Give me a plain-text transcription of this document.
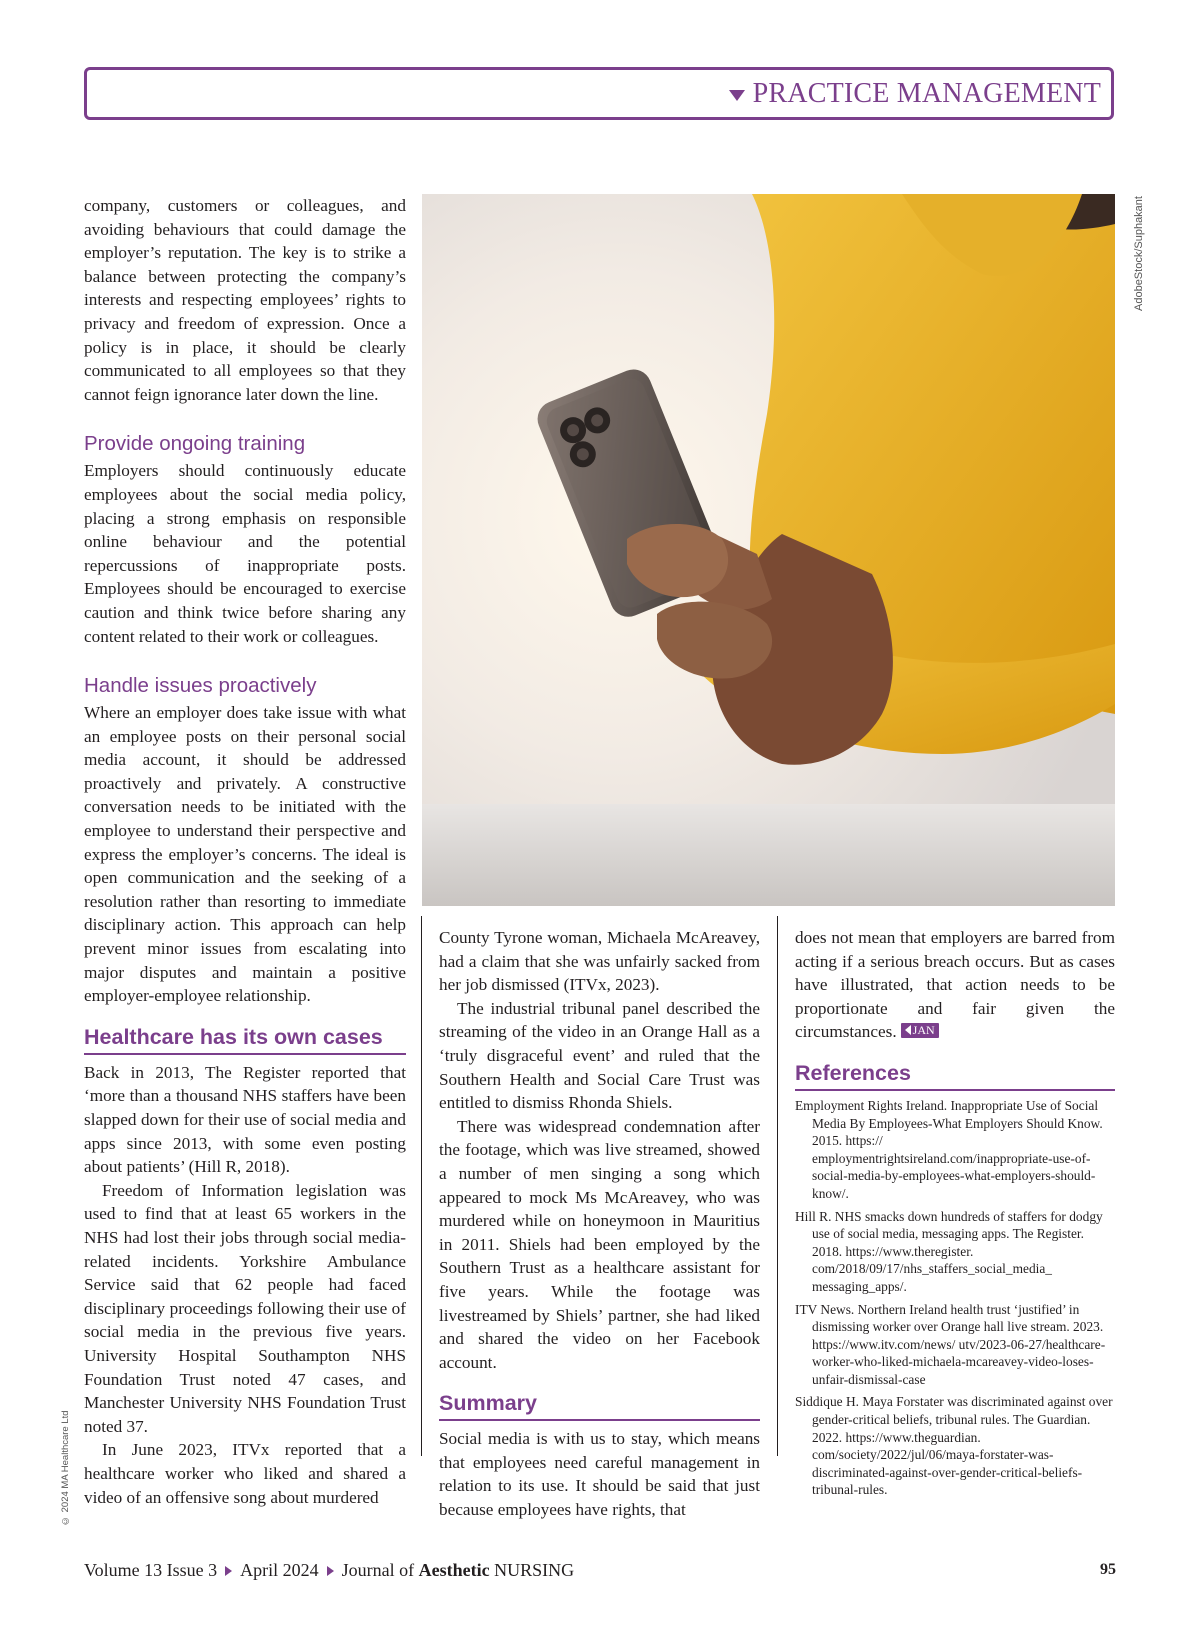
PRACTICE MANAGEMENT

company, customers or colleagues, and avoiding behaviours that could damage the employer’s reputation. The key is to strike a balance between protecting the company’s interests and respecting employees’ rights to privacy and freedom of expression. Once a policy is in place, it should be clearly communicated to all employees so that they cannot feign ignorance later down the line.

Provide ongoing training

Employers should continuously educate employees about the social media policy, placing a strong emphasis on responsible online behaviour and the potential repercussions of inappropriate posts. Employees should be encouraged to exercise caution and think twice before sharing any content related to their work or colleagues.

Handle issues proactively

Where an employer does take issue with what an employee posts on their personal social media account, it should be addressed proactively and privately. A constructive conversation needs to be initiated with the employee to understand their perspective and express the employer’s concerns. The ideal is open communication and the seeking of a resolution rather than resorting to immediate disciplinary action. This approach can help prevent minor issues from escalating into major disputes and maintain a positive employer-employee relationship.

Healthcare has its own cases

Back in 2013, The Register reported that ‘more than a thousand NHS staffers have been slapped down for their use of social media and apps since 2013, with some even posting about patients’ (Hill R, 2018).

Freedom of Information legislation was used to find that at least 65 workers in the NHS had lost their jobs through social media-related incidents. Yorkshire Ambulance Service said that 62 people had faced disciplinary proceedings following their use of social media in the previous five years. University Hospital Southampton NHS Foundation Trust noted 47 cases, and Manchester University NHS Foundation Trust noted 37.

In June 2023, ITVx reported that a healthcare worker who liked and shared a video of an offensive song about murdered

AdobeStock/Suphakant

County Tyrone woman, Michaela McAreavey, had a claim that she was unfairly sacked from her job dismissed (ITVx, 2023).

The industrial tribunal panel described the streaming of the video in an Orange Hall as a ‘truly disgraceful event’ and ruled that the Southern Health and Social Care Trust was entitled to dismiss Rhonda Shiels.

There was widespread condemnation after the footage, which was live streamed, showed a number of men singing a song which appeared to mock Ms McAreavey, who was murdered while on honeymoon in Mauritius in 2011. Shiels had been employed by the Southern Trust as a healthcare assistant for five years. While the footage was livestreamed by Shiels’ partner, she had liked and shared the video on her Facebook account.

Summary

Social media is with us to stay, which means that employees need careful management in relation to its use. It should be said that just because employees have rights, that

does not mean that employers are barred from acting if a serious breach occurs. But as cases have illustrated, that action needs to be proportionate and fair given the circumstances. JAN

References
Employment Rights Ireland. Inappropriate Use of Social Media By Employees-What Employers Should Know. 2015. https:// employmentrightsireland.com/inappropriate-use-of-social-media-by-employees-what-employers-should-know/.
Hill R. NHS smacks down hundreds of staffers for dodgy use of social media, messaging apps. The Register. 2018. https://www.theregister. com/2018/09/17/nhs_staffers_social_media_ messaging_apps/.
ITV News. Northern Ireland health trust ‘justified’ in dismissing worker over Orange hall live stream. 2023. https://www.itv.com/news/ utv/2023-06-27/healthcare-worker-who-liked-michaela-mcareavey-video-loses-unfair-dismissal-case
Siddique H. Maya Forstater was discriminated against over gender-critical beliefs, tribunal rules. The Guardian. 2022. https://www.theguardian. com/society/2022/jul/06/maya-forstater-was-discriminated-against-over-gender-critical-beliefs-tribunal-rules.
© 2024 MA Healthcare Ltd
Volume 13 Issue 3 April 2024 Journal of Aesthetic NURSING	95
